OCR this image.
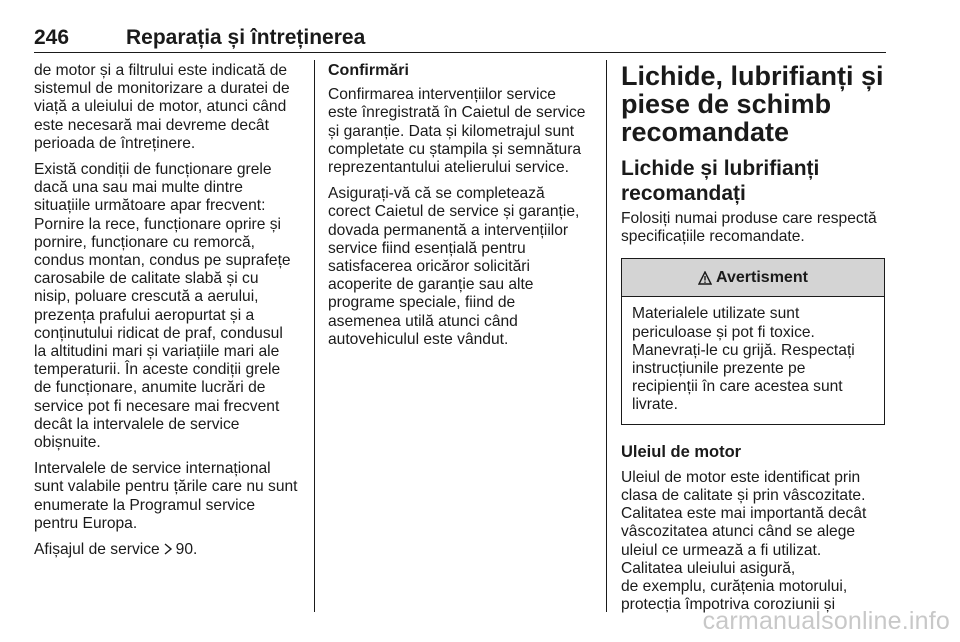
246	Reparația și întreținerea

de motor și a filtrului este indicată de
sistemul de monitorizare a duratei de
viață a uleiului de motor, atunci când
este necesară mai devreme decât
perioada de întreținere.

Există condiții de funcționare grele
dacă una sau mai multe dintre
situațiile următoare apar frecvent:
Pornire la rece, funcționare oprire și
pornire, funcționare cu remorcă,
condus montan, condus pe suprafețe
carosabile de calitate slabă și cu
nisip, poluare crescută a aerului,
prezența prafului aeropurtat și a
conținutului ridicat de praf, condusul
la altitudini mari și variațiile mari ale
temperaturii. În aceste condiții grele
de funcționare, anumite lucrări de
service pot fi necesare mai frecvent
decât la intervalele de service
obișnuite.

Intervalele de service internațional
sunt valabile pentru țările care nu sunt
enumerate la Programul service
pentru Europa.

Afișajul de service 90.

Confirmări

Confirmarea intervențiilor service
este înregistrată în Caietul de service
și garanție. Data și kilometrajul sunt
completate cu ștampila și semnătura
reprezentantului atelierului service.

Asigurați-vă că se completează
corect Caietul de service și garanție,
dovada permanentă a intervențiilor
service fiind esențială pentru
satisfacerea oricăror solicitări
acoperite de garanție sau alte
programe speciale, fiind de
asemenea utilă atunci când
autovehiculul este vândut.

Lichide, lubrifianți și
piese de schimb
recomandate
Lichide și lubrifianți
recomandați

Folosiți numai produse care respectă
specificațiile recomandate.

Avertisment
Materialele utilizate sunt
periculoase și pot fi toxice.
Manevrați-le cu grijă. Respectați
instrucțiunile prezente pe
recipienții în care acestea sunt
livrate.
Uleiul de motor

Uleiul de motor este identificat prin
clasa de calitate și prin vâscozitate.
Calitatea este mai importantă decât
vâscozitatea atunci când se alege
uleiul ce urmează a fi utilizat.
Calitatea uleiului asigură,
de exemplu, curățenia motorului,
protecția împotriva coroziunii și

carmanualsonline.info
